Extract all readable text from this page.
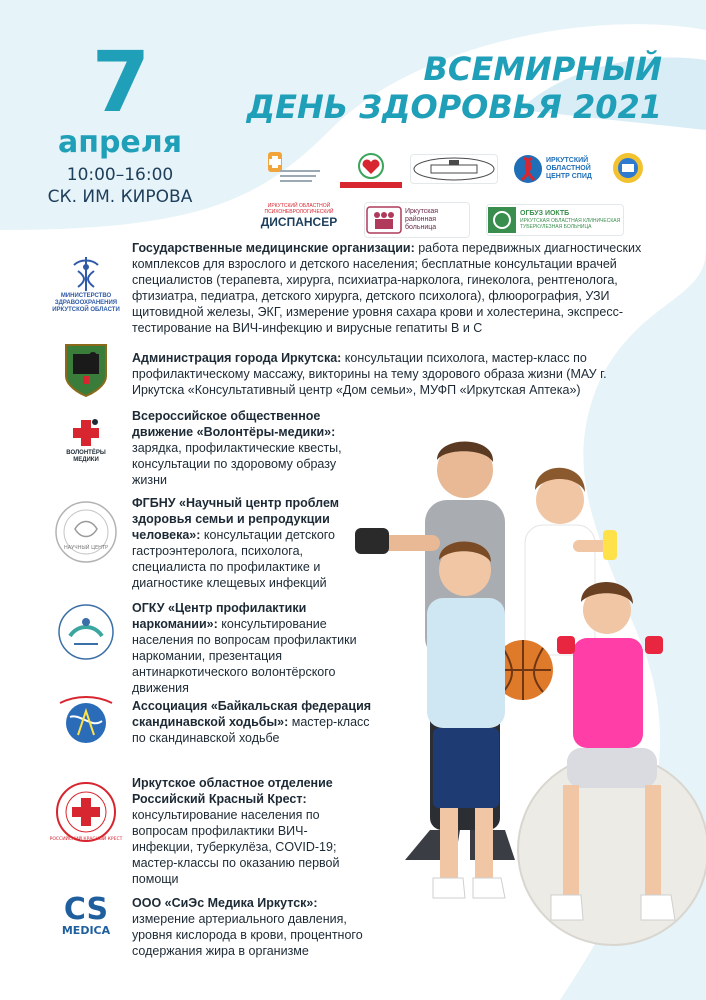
7
апреля
10:00–16:00
СК. ИМ. КИРОВА
ВСЕМИРНЫЙ
ДЕНЬ ЗДОРОВЬЯ 2021
ИРКУТСКИЙ ОБЛАСТНОЙ ЦЕНТР СПИД
ИРКУТСКИЙ ОБЛАСТНОЙ ПСИХОНЕВРОЛОГИЧЕСКИЙ
ДИСПАНСЕР
Иркутская районная больница
ОГБУЗ ИОКТБ
ИРКУТСКАЯ ОБЛАСТНАЯ КЛИНИЧЕСКАЯ ТУБЕРКУЛЕЗНАЯ БОЛЬНИЦА
МИНИСТЕРСТВО ЗДРАВООХРАНЕНИЯ ИРКУТСКОЙ ОБЛАСТИ
Государственные медицинские организации: работа передвижных диагностических комплексов для взрослого и детского населения; бесплатные консультации врачей специалистов (терапевта, хирурга, психиатра-нарколога, гинеколога, рентгенолога, фтизиатра, педиатра, детского хирурга, детского психолога), флюорография, УЗИ щитовидной железы, ЭКГ, измерение уровня сахара крови и холестерина, экспресс-тестирование на ВИЧ-инфекцию и вирусные гепатиты В и С
Администрация города Иркутска: консультации психолога, мастер-класс по профилактическому массажу, викторины на тему здорового образа жизни (МАУ г. Иркутска «Консультативный центр «Дом семьи», МУФП «Иркутская Аптека»)
ВОЛОНТЁРЫ МЕДИКИ
Всероссийское общественное движение «Волонтёры-медики»: зарядка, профилактические квесты, консультации по здоровому образу жизни
НАУЧНЫЙ ЦЕНТР
ФГБНУ «Научный центр проблем здоровья семьи и репродукции человека»: консультации детского гастроэнтеролога, психолога, специалиста по профилактике и диагностике клещевых инфекций
ОГКУ «Центр профилактики наркомании»: консультирование населения по вопросам профилактики наркомании, презентация антинаркотического волонтёрского движения
Ассоциация «Байкальская федерация скандинавской ходьбы»: мастер-класс по скандинавской ходьбе
РОССИЙСКИЙ КРАСНЫЙ КРЕСТ
Иркутское областное отделение Российский Красный Крест: консультирование населения по вопросам профилактики ВИЧ-инфекции, туберкулёза, COVID-19; мастер-классы по оказанию первой помощи
CS
MEDICA
ООО «СиЭс Медика Иркутск»: измерение артериального давления, уровня кислорода в крови, процентного содержания жира в организме
